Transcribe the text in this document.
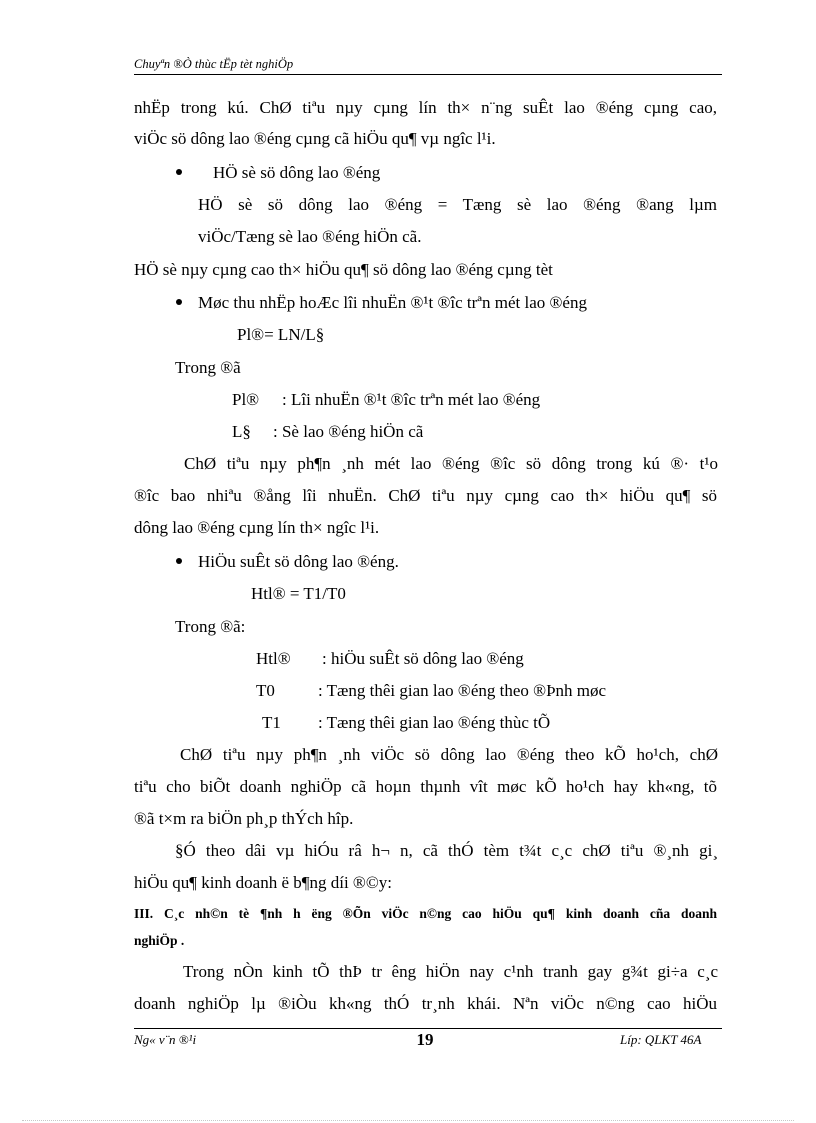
Chuyªn ®Ò thùc tËp tèt nghiÖp
nhËp trong kú. ChØ tiªu nµy cµng lín th× n¨ng suÊt lao ®éng cµng cao,
viÖc sö dông lao ®éng cµng cã hiÖu qu¶ vµ ngîc l¹i.
HÖ sè sö dông lao ®éng
HÖ sè sö dông lao ®éng = Tæng sè lao ®éng ®ang lµm
viÖc/Tæng sè lao ®éng hiÖn cã.
HÖ sè nµy cµng cao th× hiÖu qu¶ sö dông lao ®éng cµng tèt
Møc thu nhËp hoÆc lîi nhuËn ®¹t ®îc trªn mét lao ®éng
Pl®= LN/L§
Trong ®ã
Pl® : Lîi nhuËn ®¹t ®îc trªn mét lao ®éng
L§ : Sè lao ®éng hiÖn cã
ChØ tiªu nµy ph¶n ¸nh mét lao ®éng ®îc sö dông trong kú ®· t¹o
®îc bao nhiªu ®ång lîi nhuËn. ChØ tiªu nµy cµng cao th× hiÖu qu¶ sö
dông lao ®éng cµng lín th× ngîc l¹i.
HiÖu suÊt sö dông lao ®éng.
Htl® = T1/T0
Trong ®ã:
Htl® : hiÖu suÊt sö dông lao ®éng
T0	: Tæng thêi gian lao ®éng theo ®Þnh møc
T1 : Tæng thêi gian lao ®éng thùc tÕ
ChØ tiªu nµy ph¶n ¸nh viÖc sö dông lao ®éng theo kÕ ho¹ch, chØ
tiªu cho biÕt doanh nghiÖp cã hoµn thµnh vît møc kÕ ho¹ch hay kh«ng, tõ
®ã t×m ra biÖn ph¸p thÝch hîp.
§Ó theo dâi vµ hiÓu râ h¬ n, cã thÓ tèm t¾t c¸c chØ tiªu ®¸nh gi¸
hiÖu qu¶ kinh doanh ë b¶ng díi ®©y:
III. C¸c nh©n tè ¶nh h ëng ®Õn viÖc n©ng cao hiÖu qu¶ kinh doanh cña doanh
nghiÖp .
Trong nÒn kinh tÕ thÞ tr êng hiÖn nay c¹nh tranh gay g¾t gi÷a c¸c
doanh nghiÖp lµ ®iÒu kh«ng thÓ tr¸nh khái. Nªn viÖc n©ng cao hiÖu
Ng« v¨n ®¹i	19	Líp: QLKT 46A
